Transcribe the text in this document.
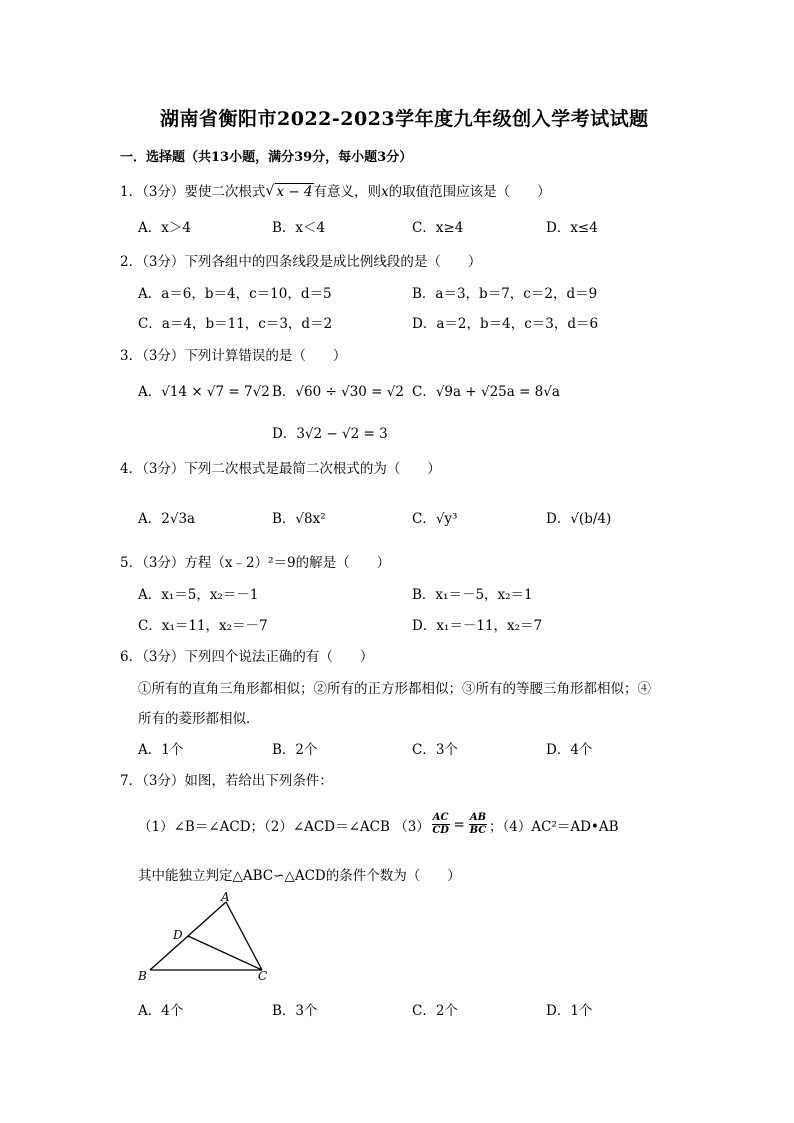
湖南省衡阳市2022-2023学年度九年级创入学考试试题
一．选择题（共13小题，满分39分，每小题3分）
1．（3分）要使二次根式√ x − 4有意义，则x的取值范围应该是（　　）
A．x＞4	B．x＜4	C．x≥4	D．x≤4
2．（3分）下列各组中的四条线段是成比例线段的是（　　）
A．a＝6，b＝4，c＝10，d＝5	B．a＝3，b＝7，c＝2，d＝9
C．a＝4，b＝11，c＝3，d＝2	D．a＝2，b＝4，c＝3，d＝6
3．（3分）下列计算错误的是（　　）
A．√14 × √7 = 7√2 B．√60 ÷ √30 = √2 C．√9a + √25a = 8√a
D．3√2 − √2 = 3
4．（3分）下列二次根式是最简二次根式的为（　　）
A．2√3a	B．√8x²	C．√y³	D．√(b/4)
5．（3分）方程（x﹣2）²＝9的解是（　　）
A．x₁＝5，x₂＝－1	B．x₁＝－5，x₂＝1
C．x₁＝11，x₂＝－7	D．x₁＝－11，x₂＝7
6．（3分）下列四个说法正确的有（　　）
①所有的直角三角形都相似；②所有的正方形都相似；③所有的等腰三角形都相似；④
所有的菱形都相似．
A．1个	B．2个	C．3个	D．4个
7．（3分）如图，若给出下列条件：
（1）∠B＝∠ACD；（2）∠ACD＝∠ACB $(3) \frac{AC}{CD} = \frac{AB}{BC}$ ；（4）AC²＝AD•AB
其中能独立判定△ABC∽△ACD的条件个数为（　　）
A
D
B	C
A．4个	B．3个	C．2个	D．1个
